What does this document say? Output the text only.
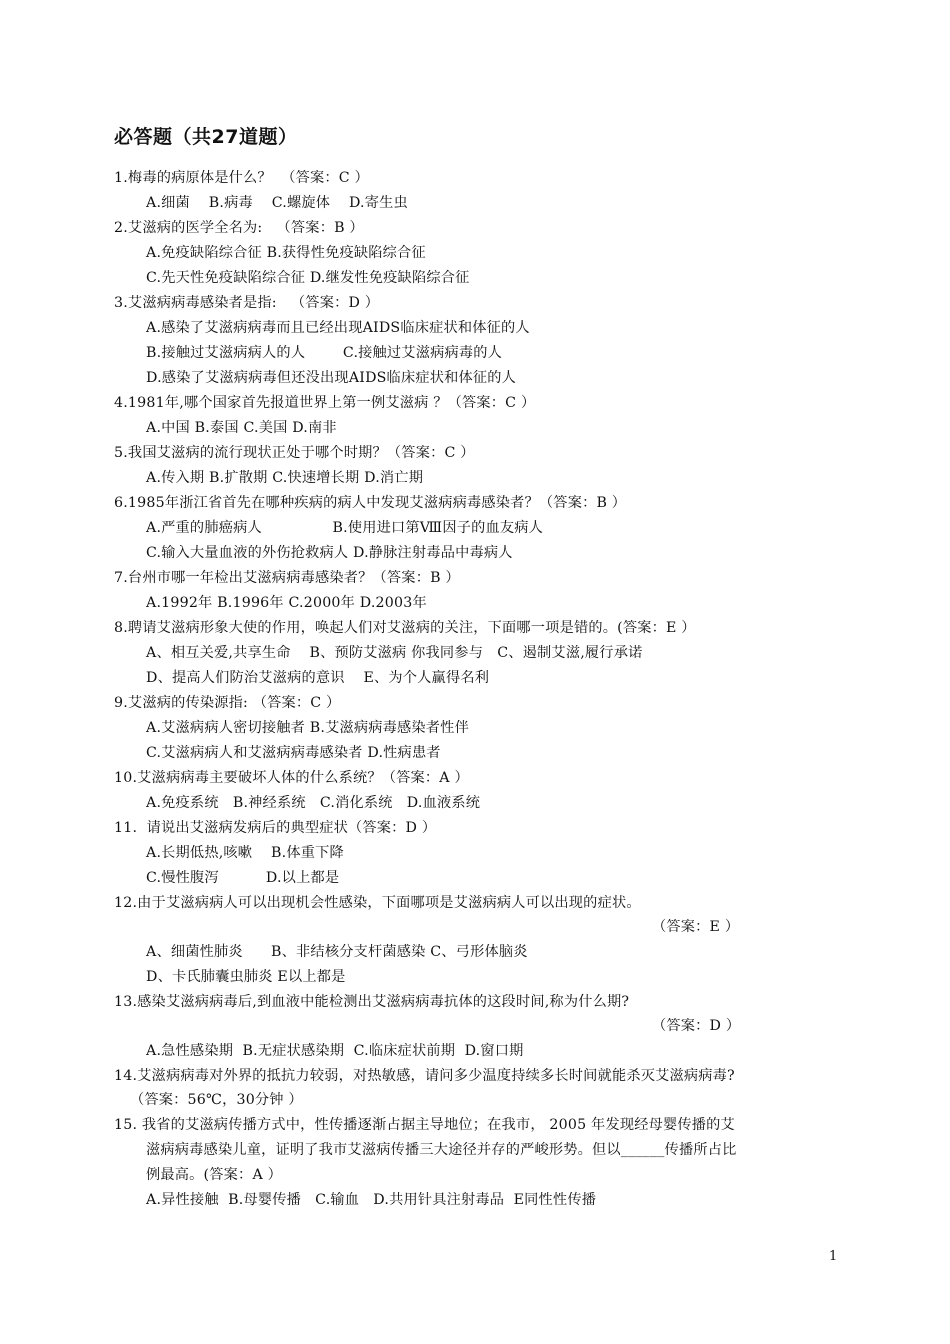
必答题（共27道题）
1.梅毒的病原体是什么？  （答案：C ）
A.细菌    B.病毒    C.螺旋体    D.寄生虫
2.艾滋病的医学全名为:   （答案：B ）
A.免疫缺陷综合征 B.获得性免疫缺陷综合征
C.先天性免疫缺陷综合征 D.继发性免疫缺陷综合征
3.艾滋病病毒感染者是指:   （答案：D ）
A.感染了艾滋病病毒而且已经出现AIDS临床症状和体征的人
B.接触过艾滋病病人的人        C.接触过艾滋病病毒的人
D.感染了艾滋病病毒但还没出现AIDS临床症状和体征的人
4.1981年,哪个国家首先报道世界上第一例艾滋病 ？（答案：C ）
A.中国 B.泰国 C.美国 D.南非
5.我国艾滋病的流行现状正处于哪个时期？（答案：C ）
A.传入期 B.扩散期 C.快速增长期 D.消亡期
6.1985年浙江省首先在哪种疾病的病人中发现艾滋病病毒感染者？（答案：B ）
A.严重的肺癌病人               B.使用进口第Ⅷ因子的血友病人
C.输入大量血液的外伤抢救病人 D.静脉注射毒品中毒病人
7.台州市哪一年检出艾滋病病毒感染者？（答案：B ）
A.1992年 B.1996年 C.2000年 D.2003年
8.聘请艾滋病形象大使的作用，唤起人们对艾滋病的关注，下面哪一项是错的。(答案：E ）
A、相互关爱,共享生命    B、预防艾滋病 你我同参与   C、遏制艾滋,履行承诺
D、提高人们防治艾滋病的意识    E、为个人赢得名利
9.艾滋病的传染源指: （答案：C ）
A.艾滋病病人密切接触者 B.艾滋病病毒感染者性伴
C.艾滋病病人和艾滋病病毒感染者 D.性病患者
10.艾滋病病毒主要破坏人体的什么系统？（答案：A ）
A.免疫系统   B.神经系统   C.消化系统   D.血液系统
11.  请说出艾滋病发病后的典型症状（答案：D ）
A.长期低热,咳嗽    B.体重下降
C.慢性腹泻          D.以上都是
12.由于艾滋病病人可以出现机会性感染，下面哪项是艾滋病病人可以出现的症状。
（答案：E ）
A、细菌性肺炎      B、非结核分支杆菌感染 C、弓形体脑炎
D、卡氏肺囊虫肺炎 E以上都是
13.感染艾滋病病毒后,到血液中能检测出艾滋病病毒抗体的这段时间,称为什么期?
（答案：D ）
A.急性感染期  B.无症状感染期  C.临床症状前期  D.窗口期
14.艾滋病病毒对外界的抵抗力较弱，对热敏感，请问多少温度持续多长时间就能杀灭艾滋病病毒?
（答案：56℃，30分钟 ）
15. 我省的艾滋病传播方式中，性传播逐渐占据主导地位；在我市， 2005 年发现经母婴传播的艾
滋病病毒感染儿童，证明了我市艾滋病传播三大途径并存的严峻形势。但以______传播所占比
例最高。(答案：A ）
A.异性接触  B.母婴传播   C.输血   D.共用针具注射毒品  E同性性传播
1
